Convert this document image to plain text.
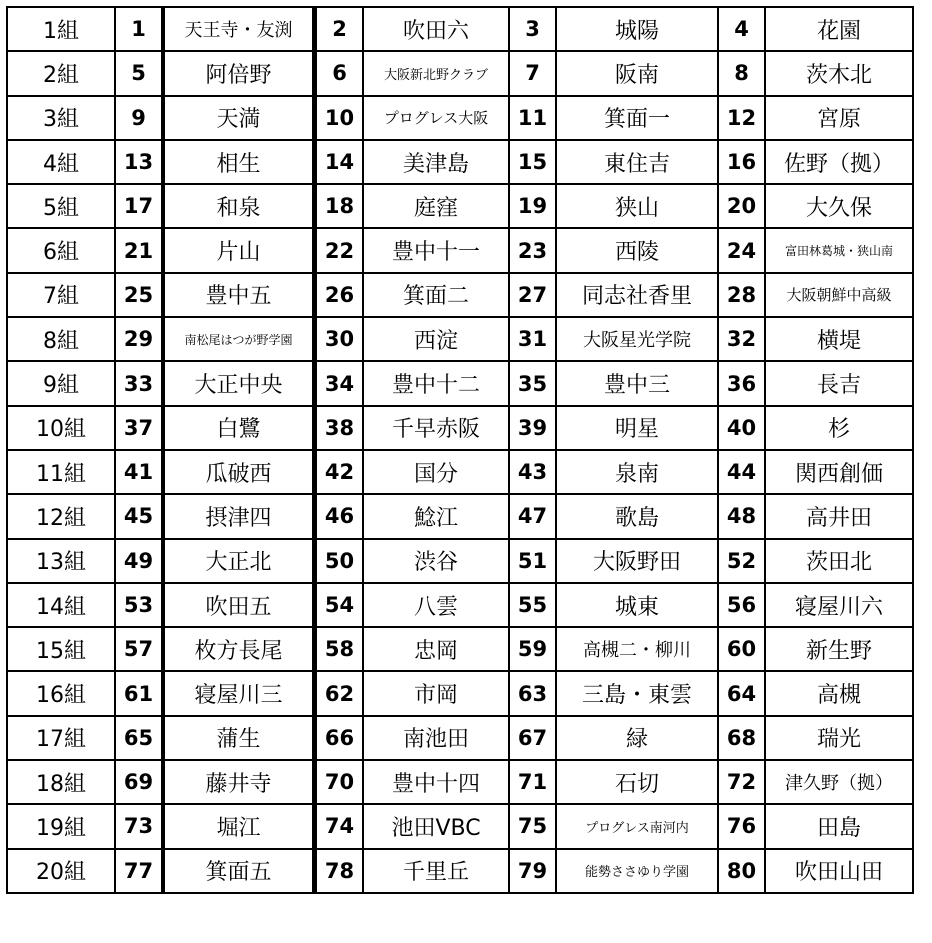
1組	1	天王寺・友渕	2	吹田六	3	城陽	4	花園
2組	5	阿倍野	6	大阪新北野クラブ	7	阪南	8	茨木北
3組	9	天満	10	プログレス大阪	11	箕面一	12	宮原
4組	13	相生	14	美津島	15	東住吉	16	佐野（拠）
5組	17	和泉	18	庭窪	19	狭山	20	大久保
6組	21	片山	22	豊中十一	23	西陵	24	富田林葛城・狭山南
7組	25	豊中五	26	箕面二	27	同志社香里	28	大阪朝鮮中高級
8組	29	南松尾はつが野学園	30	西淀	31	大阪星光学院	32	横堤
9組	33	大正中央	34	豊中十二	35	豊中三	36	長吉
10組	37	白鷺	38	千早赤阪	39	明星	40	杉
11組	41	瓜破西	42	国分	43	泉南	44	関西創価
12組	45	摂津四	46	鯰江	47	歌島	48	高井田
13組	49	大正北	50	渋谷	51	大阪野田	52	茨田北
14組	53	吹田五	54	八雲	55	城東	56	寝屋川六
15組	57	枚方長尾	58	忠岡	59	高槻二・柳川	60	新生野
16組	61	寝屋川三	62	市岡	63	三島・東雲	64	高槻
17組	65	蒲生	66	南池田	67	緑	68	瑞光
18組	69	藤井寺	70	豊中十四	71	石切	72	津久野（拠）
19組	73	堀江	74	池田VBC	75	プログレス南河内	76	田島
20組	77	箕面五	78	千里丘	79	能勢ささゆり学園	80	吹田山田
